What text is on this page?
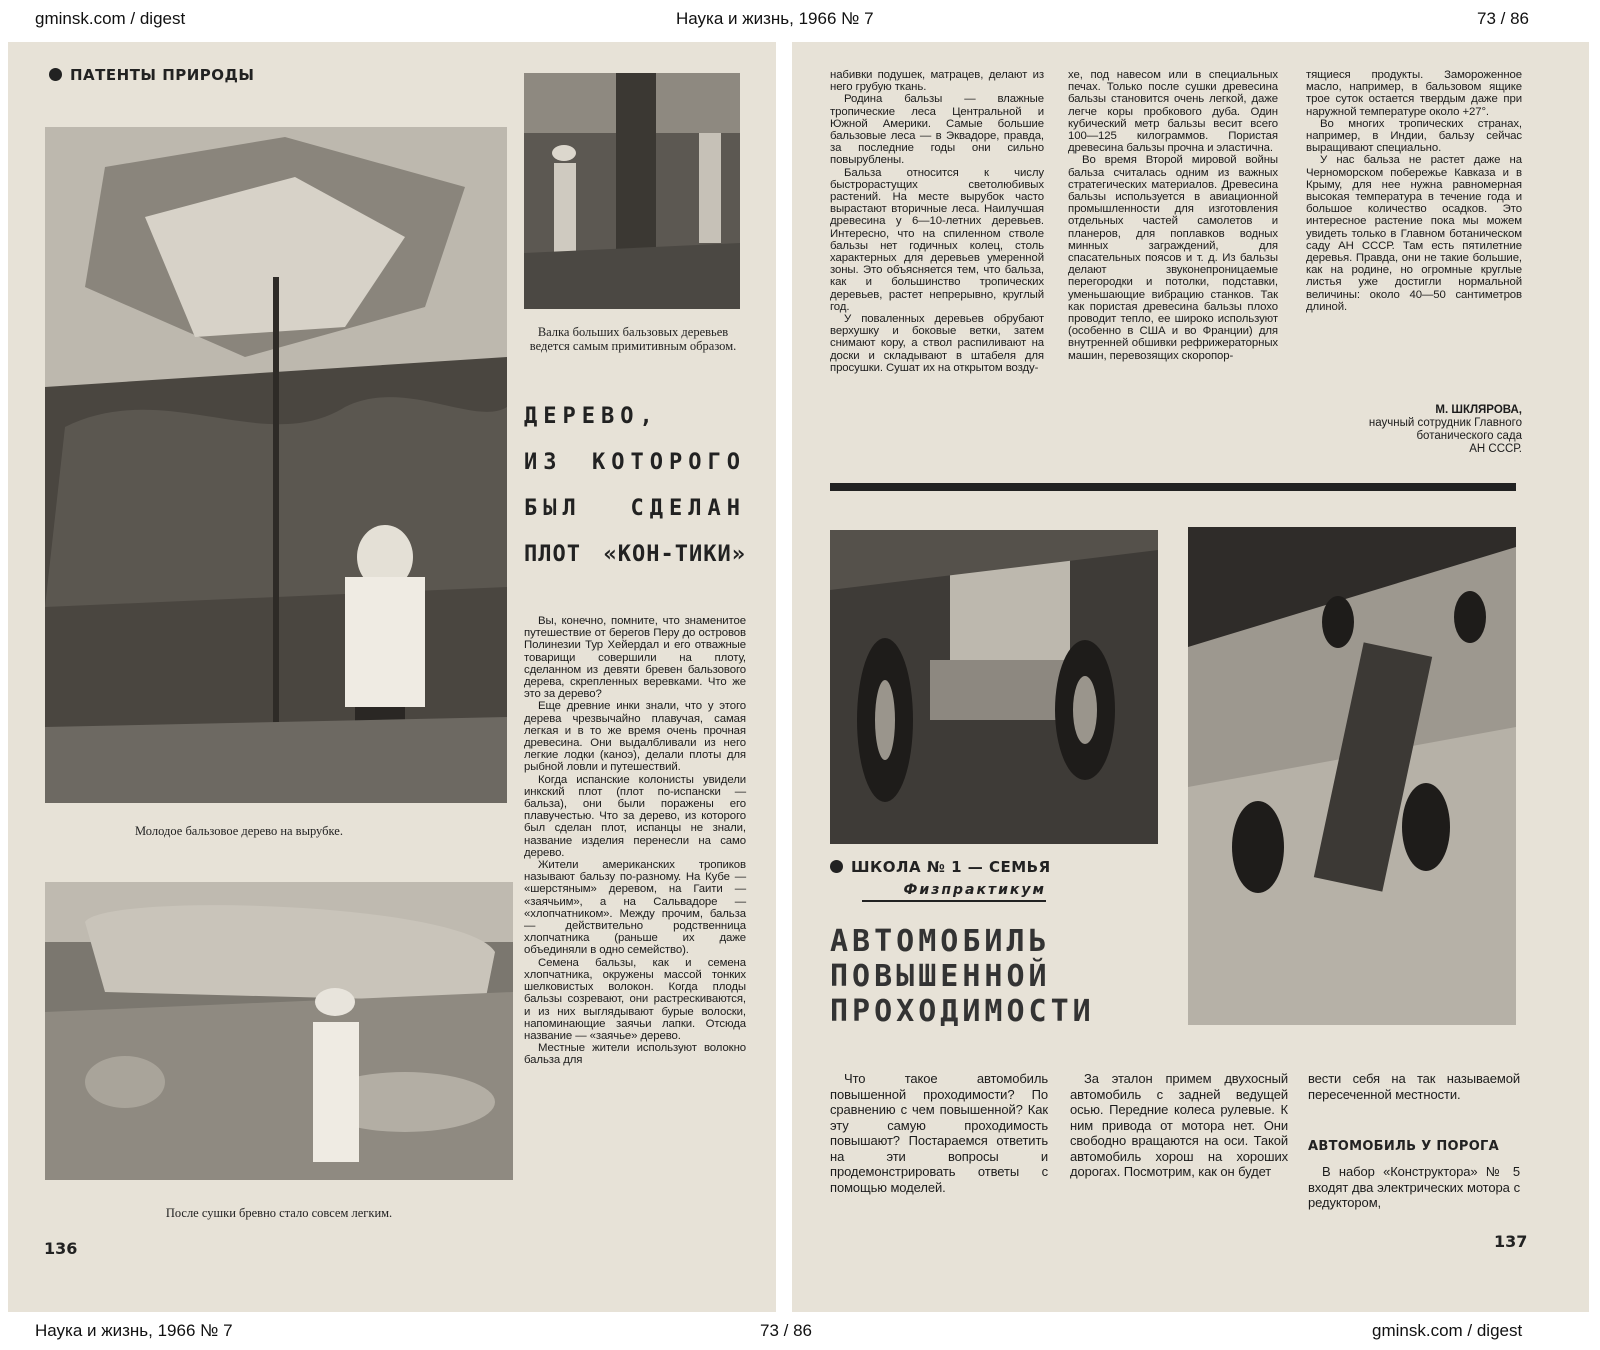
gminsk.com / digest	Наука и жизнь, 1966 № 7	73 / 86
ПАТЕНТЫ ПРИРОДЫ
Молодое бальзовое дерево на вырубке.
Валка больших бальзовых деревьев ведется самым примитивным образом.
ДЕРЕВО,
ИЗ КОТОРОГО
БЫЛ СДЕЛАН
ПЛОТ «КОН-ТИКИ»

Вы, конечно, помните, что знаменитое путешествие от берегов Перу до островов Полинезии Тур Хейердал и его отважные товарищи совершили на плоту, сделанном из девяти бревен бальзового дерева, скрепленных веревками. Что же это за дерево?

Еще древние инки знали, что у этого дерева чрезвычайно плавучая, самая легкая и в то же время очень прочная древесина. Они выдалбливали из него легкие лодки (каноэ), делали плоты для рыбной ловли и путешествий.

Когда испанские колонисты увидели инкский плот (плот по-испански — бальза), они были поражены его плавучестью. Что за дерево, из которого был сделан плот, испанцы не знали, название изделия перенесли на само дерево.

Жители американских тропиков называют бальзу по-разному. На Кубе — «шерстяным» деревом, на Гаити — «заячьим», а на Сальвадоре — «хлопчатником». Между прочим, бальза — действительно родственница хлопчатника (раньше их даже объединяли в одно семейство).

Семена бальзы, как и семена хлопчатника, окружены массой тонких шелковистых волокон. Когда плоды бальзы созревают, они растрескиваются, и из них выглядывают бурые волоски, напоминающие заячьи лапки. Отсюда название — «заячье» дерево.

Местные жители используют волокно бальза для

После сушки бревно стало совсем легким.
136

набивки подушек, матрацев, делают из него грубую ткань.

Родина бальзы — влажные тропические леса Центральной и Южной Америки. Самые большие бальзовые леса — в Эквадоре, правда, за последние годы они сильно повырублены.

Бальза относится к числу быстрорастущих светолюбивых растений. На месте вырубок часто вырастают вторичные леса. Наилучшая древесина у 6—10-летних деревьев. Интересно, что на спиленном стволе бальзы нет годичных колец, столь характерных для деревьев умеренной зоны. Это объясняется тем, что бальза, как и большинство тропических деревьев, растет непрерывно, круглый год.

У поваленных деревьев обрубают верхушку и боковые ветки, затем снимают кору, а ствол распиливают на доски и складывают в штабеля для просушки. Сушат их на открытом возду-

хе, под навесом или в специальных печах. Только после сушки древесина бальзы становится очень легкой, даже легче коры пробкового дуба. Один кубический метр бальзы весит всего 100—125 килограммов. Пористая древесина бальзы прочна и эластична.

Во время Второй мировой войны бальза считалась одним из важных стратегических материалов. Древесина бальзы используется в авиационной промышленности для изготовления отдельных частей самолетов и планеров, для поплавков водных минных заграждений, для спасательных поясов и т. д. Из бальзы делают звуконепроницаемые перегородки и потолки, подставки, уменьшающие вибрацию станков. Так как пористая древесина бальзы плохо проводит тепло, ее широко используют (особенно в США и во Франции) для внутренней обшивки рефрижераторных машин, перевозящих скоропор-

тящиеся продукты. Замороженное масло, например, в бальзовом ящике трое суток остается твердым даже при наружной температуре около +27°.

Во многих тропических странах, например, в Индии, бальзу сейчас выращивают специально.

У нас бальза не растет даже на Черноморском побережье Кавказа и в Крыму, для нее нужна равномерная высокая температура в течение года и большое количество осадков. Это интересное растение пока мы можем увидеть только в Главном ботаническом саду АН СССР. Там есть пятилетние деревья. Правда, они не такие большие, как на родине, но огромные круглые листья уже достигли нормальной величины: около 40—50 сантиметров длиной.

М. ШКЛЯРОВА,
научный сотрудник Главного ботанического сада
АН СССР.
ШКОЛА № 1 — СЕМЬЯ
Физпрактикум
АВТОМОБИЛЬ
ПОВЫШЕННОЙ
ПРОХОДИМОСТИ

Что такое автомобиль повышенной проходимости? По сравнению с чем повышенной? Как эту самую проходимость повышают? Постараемся ответить на эти вопросы и продемонстрировать ответы с помощью моделей.

За эталон примем двухосный автомобиль с задней ведущей осью. Передние колеса рулевые. К ним привода от мотора нет. Они свободно вращаются на оси. Такой автомобиль хорош на хороших дорогах. Посмотрим, как он будет

вести себя на так называемой пересеченной местности.

АВТОМОБИЛЬ У ПОРОГА

В набор «Конструктора» № 5 входят два электрических мотора с редуктором,

137
Наука и жизнь, 1966 № 7	73 / 86	gminsk.com / digest
